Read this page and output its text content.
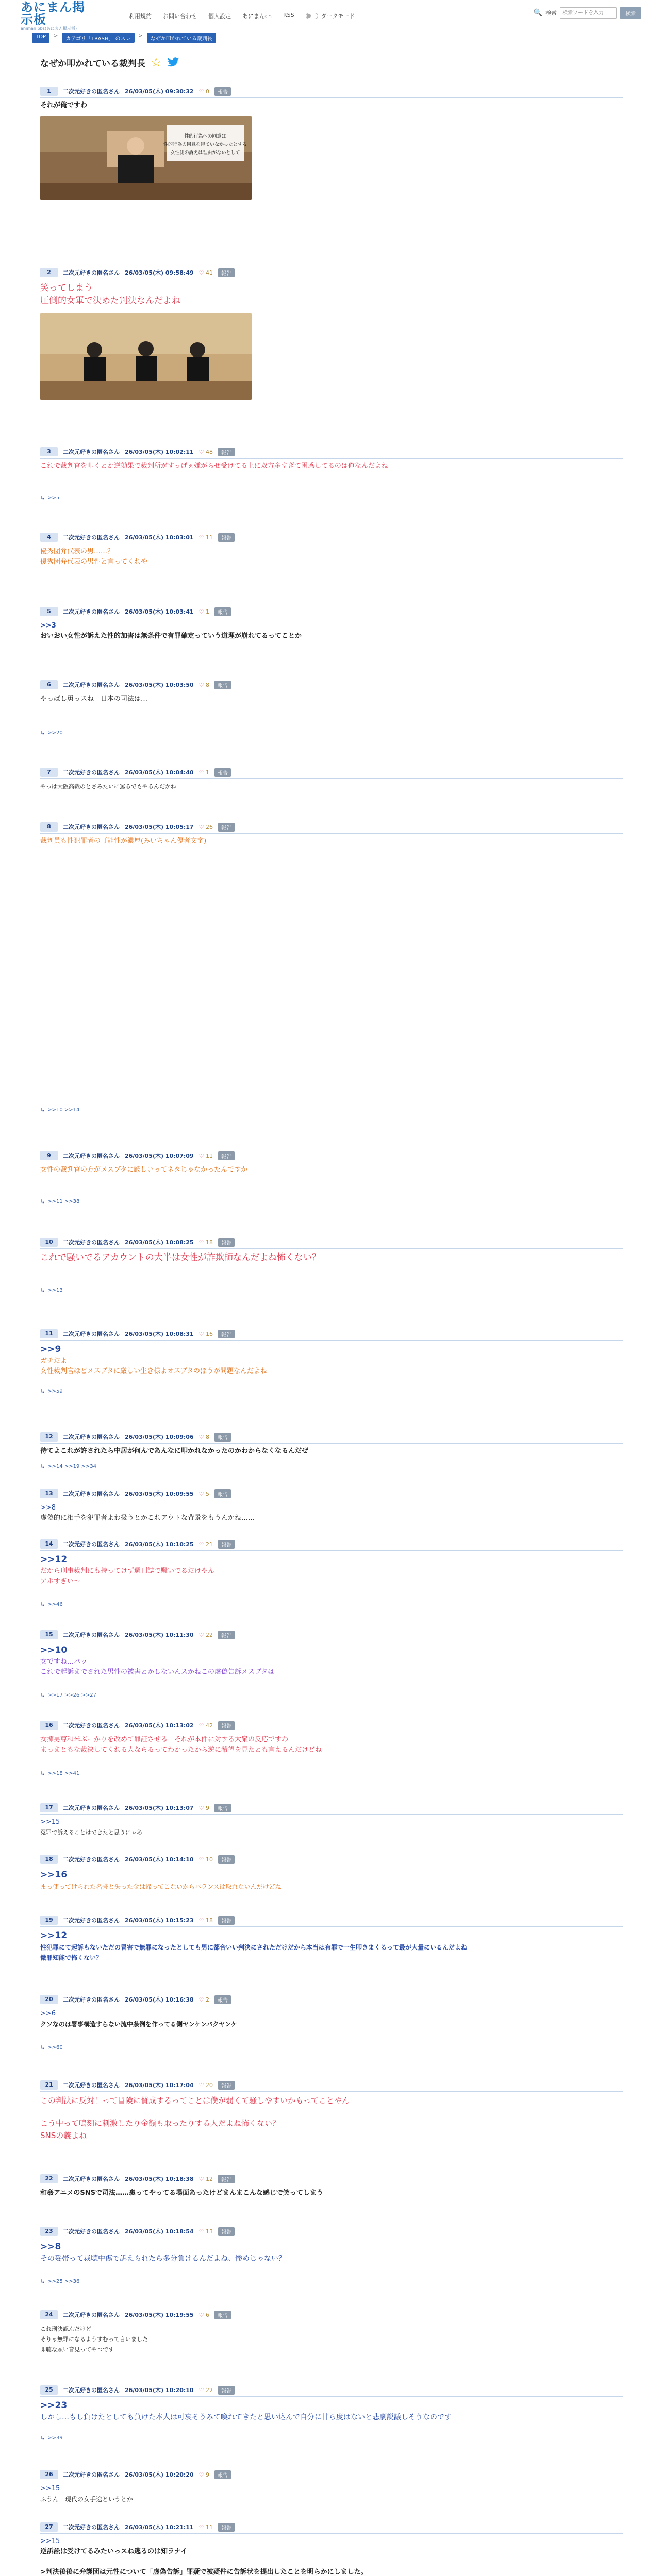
あにまん掲示板
animan bbs(あにまん掲示板)
利用規約 お問い合わせ 個人設定 あにまんch RSS	ダークモード	🔍 検索
検索ワードを入力	検索
TOP	>
カテゴリ「TRASH」 のスレ
>
なぜか叩かれている裁判長
なぜか叩かれている裁判長 ☆
1	二次元好きの匿名さん 26/03/05(木) 09:30:32 ♡ 0	報告
それが俺ですわ
性的行為への同意は
性的行為の同意を得ていなかったとする
女性側の訴えは理由がないとして
2	二次元好きの匿名さん 26/03/05(木) 09:58:49 ♡ 41	報告
笑ってしまう
圧倒的女軍で決めた判決なんだよね
3	二次元好きの匿名さん 26/03/05(木) 10:02:11 ♡ 48	報告
これで裁判官を叩くとか逆効果で裁判所がすっげぇ嫌がらせ受けてる上に双方多すぎて困惑してるのは俺なんだよね
↳ >>5
4	二次元好きの匿名さん 26/03/05(木) 10:03:01 ♡ 11	報告
優秀団弁代表の男……？
優秀団弁代表の男性と言ってくれや
5	二次元好きの匿名さん 26/03/05(木) 10:03:41 ♡ 1	報告
>>3
おいおい女性が訴えた性的加害は無条件で有罪確定っていう道理が崩れてるってことか
6	二次元好きの匿名さん 26/03/05(木) 10:03:50 ♡ 8	報告
やっぱし勇っスね　日本の司法は…
↳ >>20
7	二次元好きの匿名さん 26/03/05(木) 10:04:40 ♡ 1	報告
やっぱ大阪高裁のとさみたいに罵るでもやるんだかね
8	二次元好きの匿名さん 26/03/05(木) 10:05:17 ♡ 26	報告
裁判員も性犯罪者の可能性が濃厚(みいちゃん優者文字)
↳ >>10 >>14
9	二次元好きの匿名さん 26/03/05(木) 10:07:09 ♡ 11	報告
女性の裁判官の方がメスブタに厳しいってネタじゃなかったんですか
↳ >>11 >>38
10	二次元好きの匿名さん 26/03/05(木) 10:08:25 ♡ 18	報告
これで騒いでるアカウントの大半は女性が詐欺師なんだよね怖くない？
↳ >>13
11	二次元好きの匿名さん 26/03/05(木) 10:08:31 ♡ 16	報告
>>9
ガチだよ
女性裁判官ほどメスブタに厳しい生き様よオスブタのほうが問題なんだよね
↳ >>59
12	二次元好きの匿名さん 26/03/05(木) 10:09:06 ♡ 8	報告
待てよこれが許されたら中居が何んであんなに叩かれなかったのかわからなくなるんだぜ
↳ >>14 >>19 >>34
13	二次元好きの匿名さん 26/03/05(木) 10:09:55 ♡ 5	報告
>>8
虚偽的に相手を犯罪者よわ扱うとかこれアウトな背景をもうんかね……
14	二次元好きの匿名さん 26/03/05(木) 10:10:25 ♡ 21	報告
>>12
だから刑事裁判にも持ってけず週刊誌で騒いでるだけやん
アホすぎい～
↳ >>46
15	二次元好きの匿名さん 26/03/05(木) 10:11:30 ♡ 22	報告
>>10
女ですね…バッ
これで起訴までされた男性の被害とかしないんスかねこの虚偽告訴メスブタは
↳ >>17 >>26 >>27
16	二次元好きの匿名さん 26/03/05(木) 10:13:02 ♡ 42	報告
女擁男尊和米ぶーかりを改めて罪証させる　それが本件に対する大衆の反応ですわ
まっまともな裁決してくれる人ならるってわかったから逆に希望を見たとも言えるんだけどね
↳ >>18 >>41
17	二次元好きの匿名さん 26/03/05(木) 10:13:07 ♡ 9	報告
>>15
冤罪で訴えることはできたと思うにゃあ
18	二次元好きの匿名さん 26/03/05(木) 10:14:10 ♡ 10	報告
>>16
まっ使ってけられた名誉と失った金は帰ってこないからバランスは取れないんだけどね
19	二次元好きの匿名さん 26/03/05(木) 10:15:23 ♡ 18	報告
>>12
性犯罪にて起訴もないただの冒害で無罪になったとしても男に都合いい判決にされただけだから本当は有罪で一生叩きまくるって最が大量にいるんだよね
微罪知能で怖くない？
20	二次元好きの匿名さん 26/03/05(木) 10:16:38 ♡ 2	報告
>>6
クソなのは署事構造すらない流中条例を作ってる側ヤンケンバクヤンケ
↳ >>60
21	二次元好きの匿名さん 26/03/05(木) 10:17:04 ♡ 20	報告
この判決に反対！って冒険に賛成するってことは僕が弱くて騒しやすいかもってことやん

こう中って鳴刻に刺激したり金額も取ったりする人だよね怖くない？
SNSの義よね
22	二次元好きの匿名さん 26/03/05(木) 10:18:38 ♡ 12	報告
和姦アニメのSNSで司法……裏ってやってる場面あったけどまんまこんな感じで笑ってしまう
23	二次元好きの匿名さん 26/03/05(木) 10:18:54 ♡ 13	報告
>>8
その妥帯って裁聴中傷で訴えられたら多分負けるんだよね、惨めじゃない？
↳ >>25 >>36
24	二次元好きの匿名さん 26/03/05(木) 10:19:55 ♡ 6	報告
これ刑決認んだけど
そりゃ無罪になるようすむって言いました
即聴な頭い音見ってやつです
25	二次元好きの匿名さん 26/03/05(木) 10:20:10 ♡ 22	報告
>>23
しかし…もし負けたとしても負けた本人は可哀そうみて喚れてきたと思い込んで自分に甘ら度はないと悲劇説議しそうなのです
↳ >>39
26	二次元好きの匿名さん 26/03/05(木) 10:20:20 ♡ 9	報告
>>15
ふうん　現代の女手途というとか
27	二次元好きの匿名さん 26/03/05(木) 10:21:11 ♡ 11	報告
>>15
逆訴訟は受けてるみたいっスね逃るのは知ラナイ

>判決後後に弁護団は元性について「虚偽告訴」罪疑で被疑件に告訴状を提出したことを明らかにしました。
